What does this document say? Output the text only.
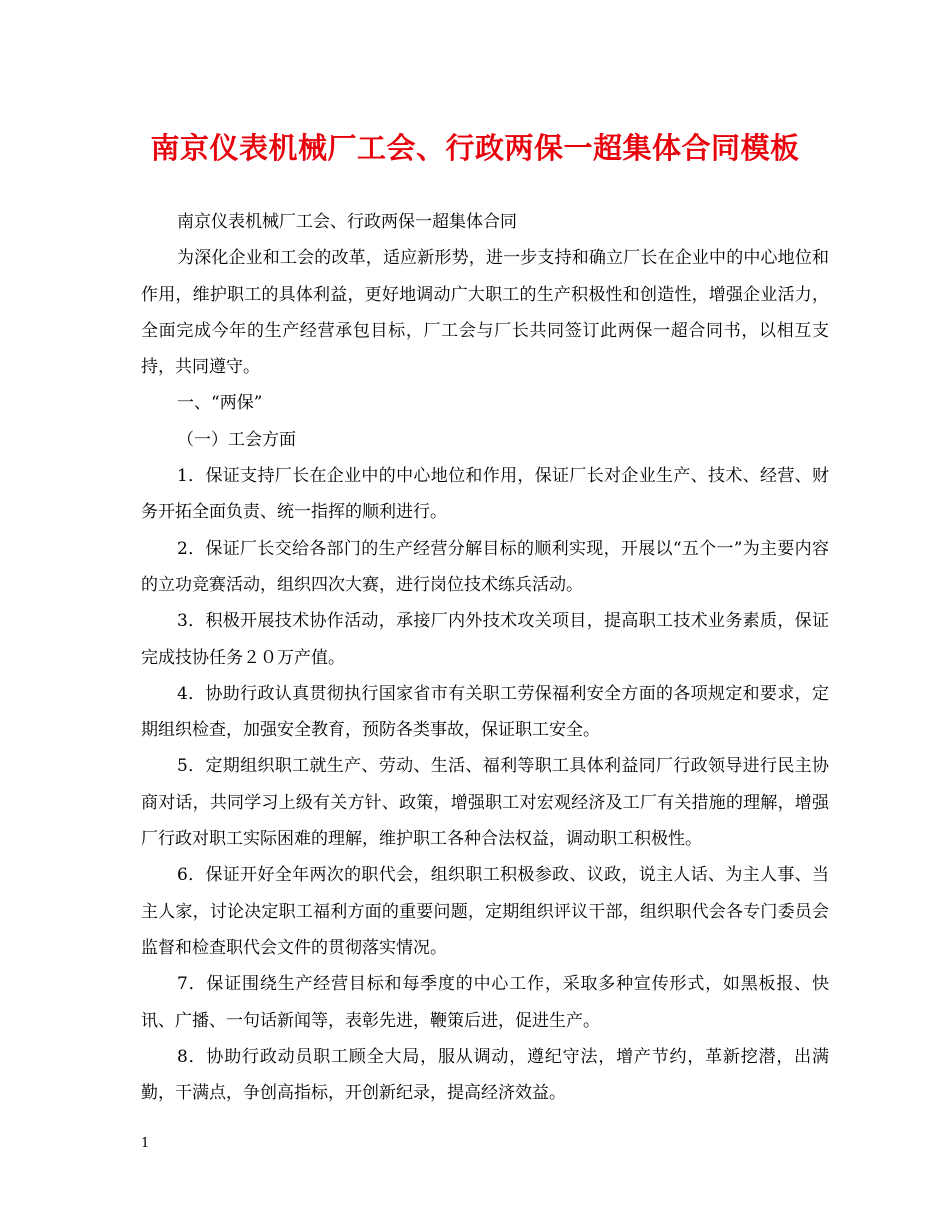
南京仪表机械厂工会、行政两保一超集体合同模板

南京仪表机械厂工会、行政两保一超集体合同

为深化企业和工会的改革，适应新形势，进一步支持和确立厂长在企业中的中心地位和作用，维护职工的具体利益，更好地调动广大职工的生产积极性和创造性，增强企业活力，全面完成今年的生产经营承包目标，厂工会与厂长共同签订此两保一超合同书，以相互支持，共同遵守。

一、“两保”

（一）工会方面

1．保证支持厂长在企业中的中心地位和作用，保证厂长对企业生产、技术、经营、财务开拓全面负责、统一指挥的顺利进行。

2．保证厂长交给各部门的生产经营分解目标的顺利实现，开展以“五个一”为主要内容的立功竞赛活动，组织四次大赛，进行岗位技术练兵活动。

3．积极开展技术协作活动，承接厂内外技术攻关项目，提高职工技术业务素质，保证完成技协任务２０万产值。

4．协助行政认真贯彻执行国家省市有关职工劳保福利安全方面的各项规定和要求，定期组织检查，加强安全教育，预防各类事故，保证职工安全。

5．定期组织职工就生产、劳动、生活、福利等职工具体利益同厂行政领导进行民主协商对话，共同学习上级有关方针、政策，增强职工对宏观经济及工厂有关措施的理解，增强厂行政对职工实际困难的理解，维护职工各种合法权益，调动职工积极性。

6．保证开好全年两次的职代会，组织职工积极参政、议政，说主人话、为主人事、当主人家，讨论决定职工福利方面的重要问题，定期组织评议干部，组织职代会各专门委员会监督和检查职代会文件的贯彻落实情况。

7．保证围绕生产经营目标和每季度的中心工作，采取多种宣传形式，如黑板报、快讯、广播、一句话新闻等，表彰先进，鞭策后进，促进生产。

8．协助行政动员职工顾全大局，服从调动，遵纪守法，增产节约，革新挖潜，出满勤，干满点，争创高指标，开创新纪录，提高经济效益。

1
